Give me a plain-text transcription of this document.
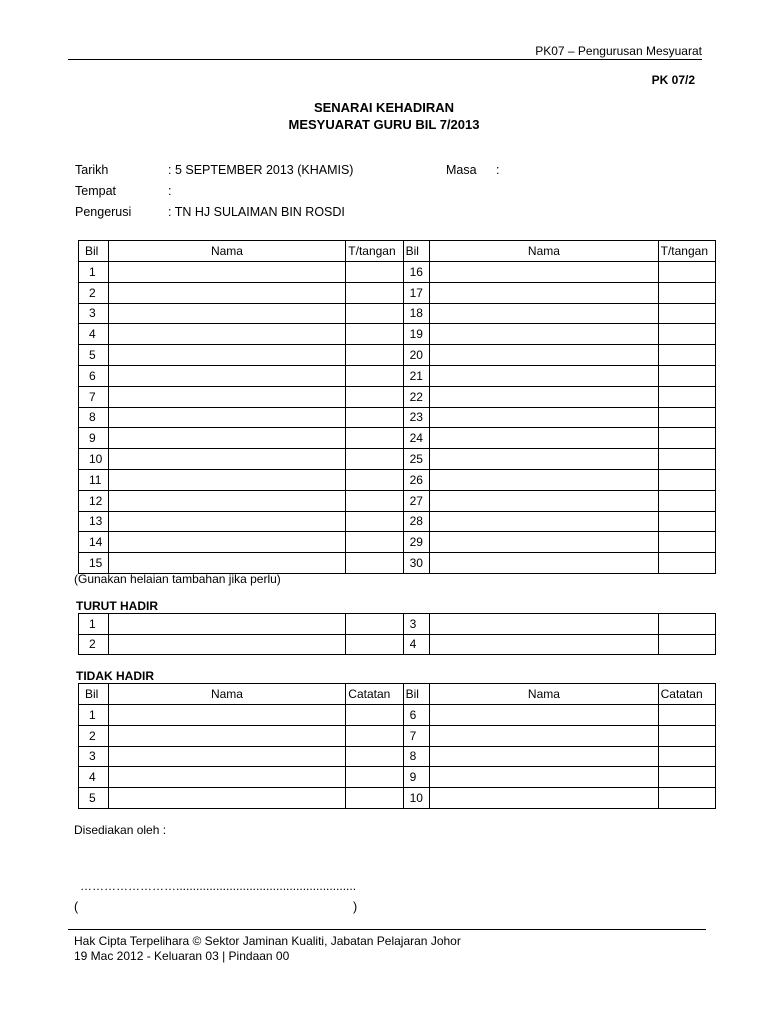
PK07 – Pengurusan Mesyuarat
PK 07/2
SENARAI KEHADIRAN
MESYUARAT GURU BIL 7/2013
Tarikh	: 5 SEPTEMBER 2013 (KHAMIS)	Masa :
Tempat	:
Pengerusi	: TN HJ SULAIMAN BIN ROSDI
Bil	Nama	T/tangan	Bil	Nama	T/tangan
1			16		
2			17		
3			18		
4			19		
5			20		
6			21		
7			22		
8			23		
9			24		
10			25		
11			26		
12			27		
13			28		
14			29		
15			30		
(Gunakan helaian tambahan jika perlu)
TURUT HADIR
1			3		
2			4		
TIDAK HADIR
Bil	Nama	Catatan	Bil	Nama	Catatan
1			6		
2			7		
3			8		
4			9		
5			10		
Disediakan oleh :
……………………......................................................
(	)
Hak Cipta Terpelihara © Sektor Jaminan Kualiti, Jabatan Pelajaran Johor
19 Mac 2012 - Keluaran 03 | Pindaan 00
